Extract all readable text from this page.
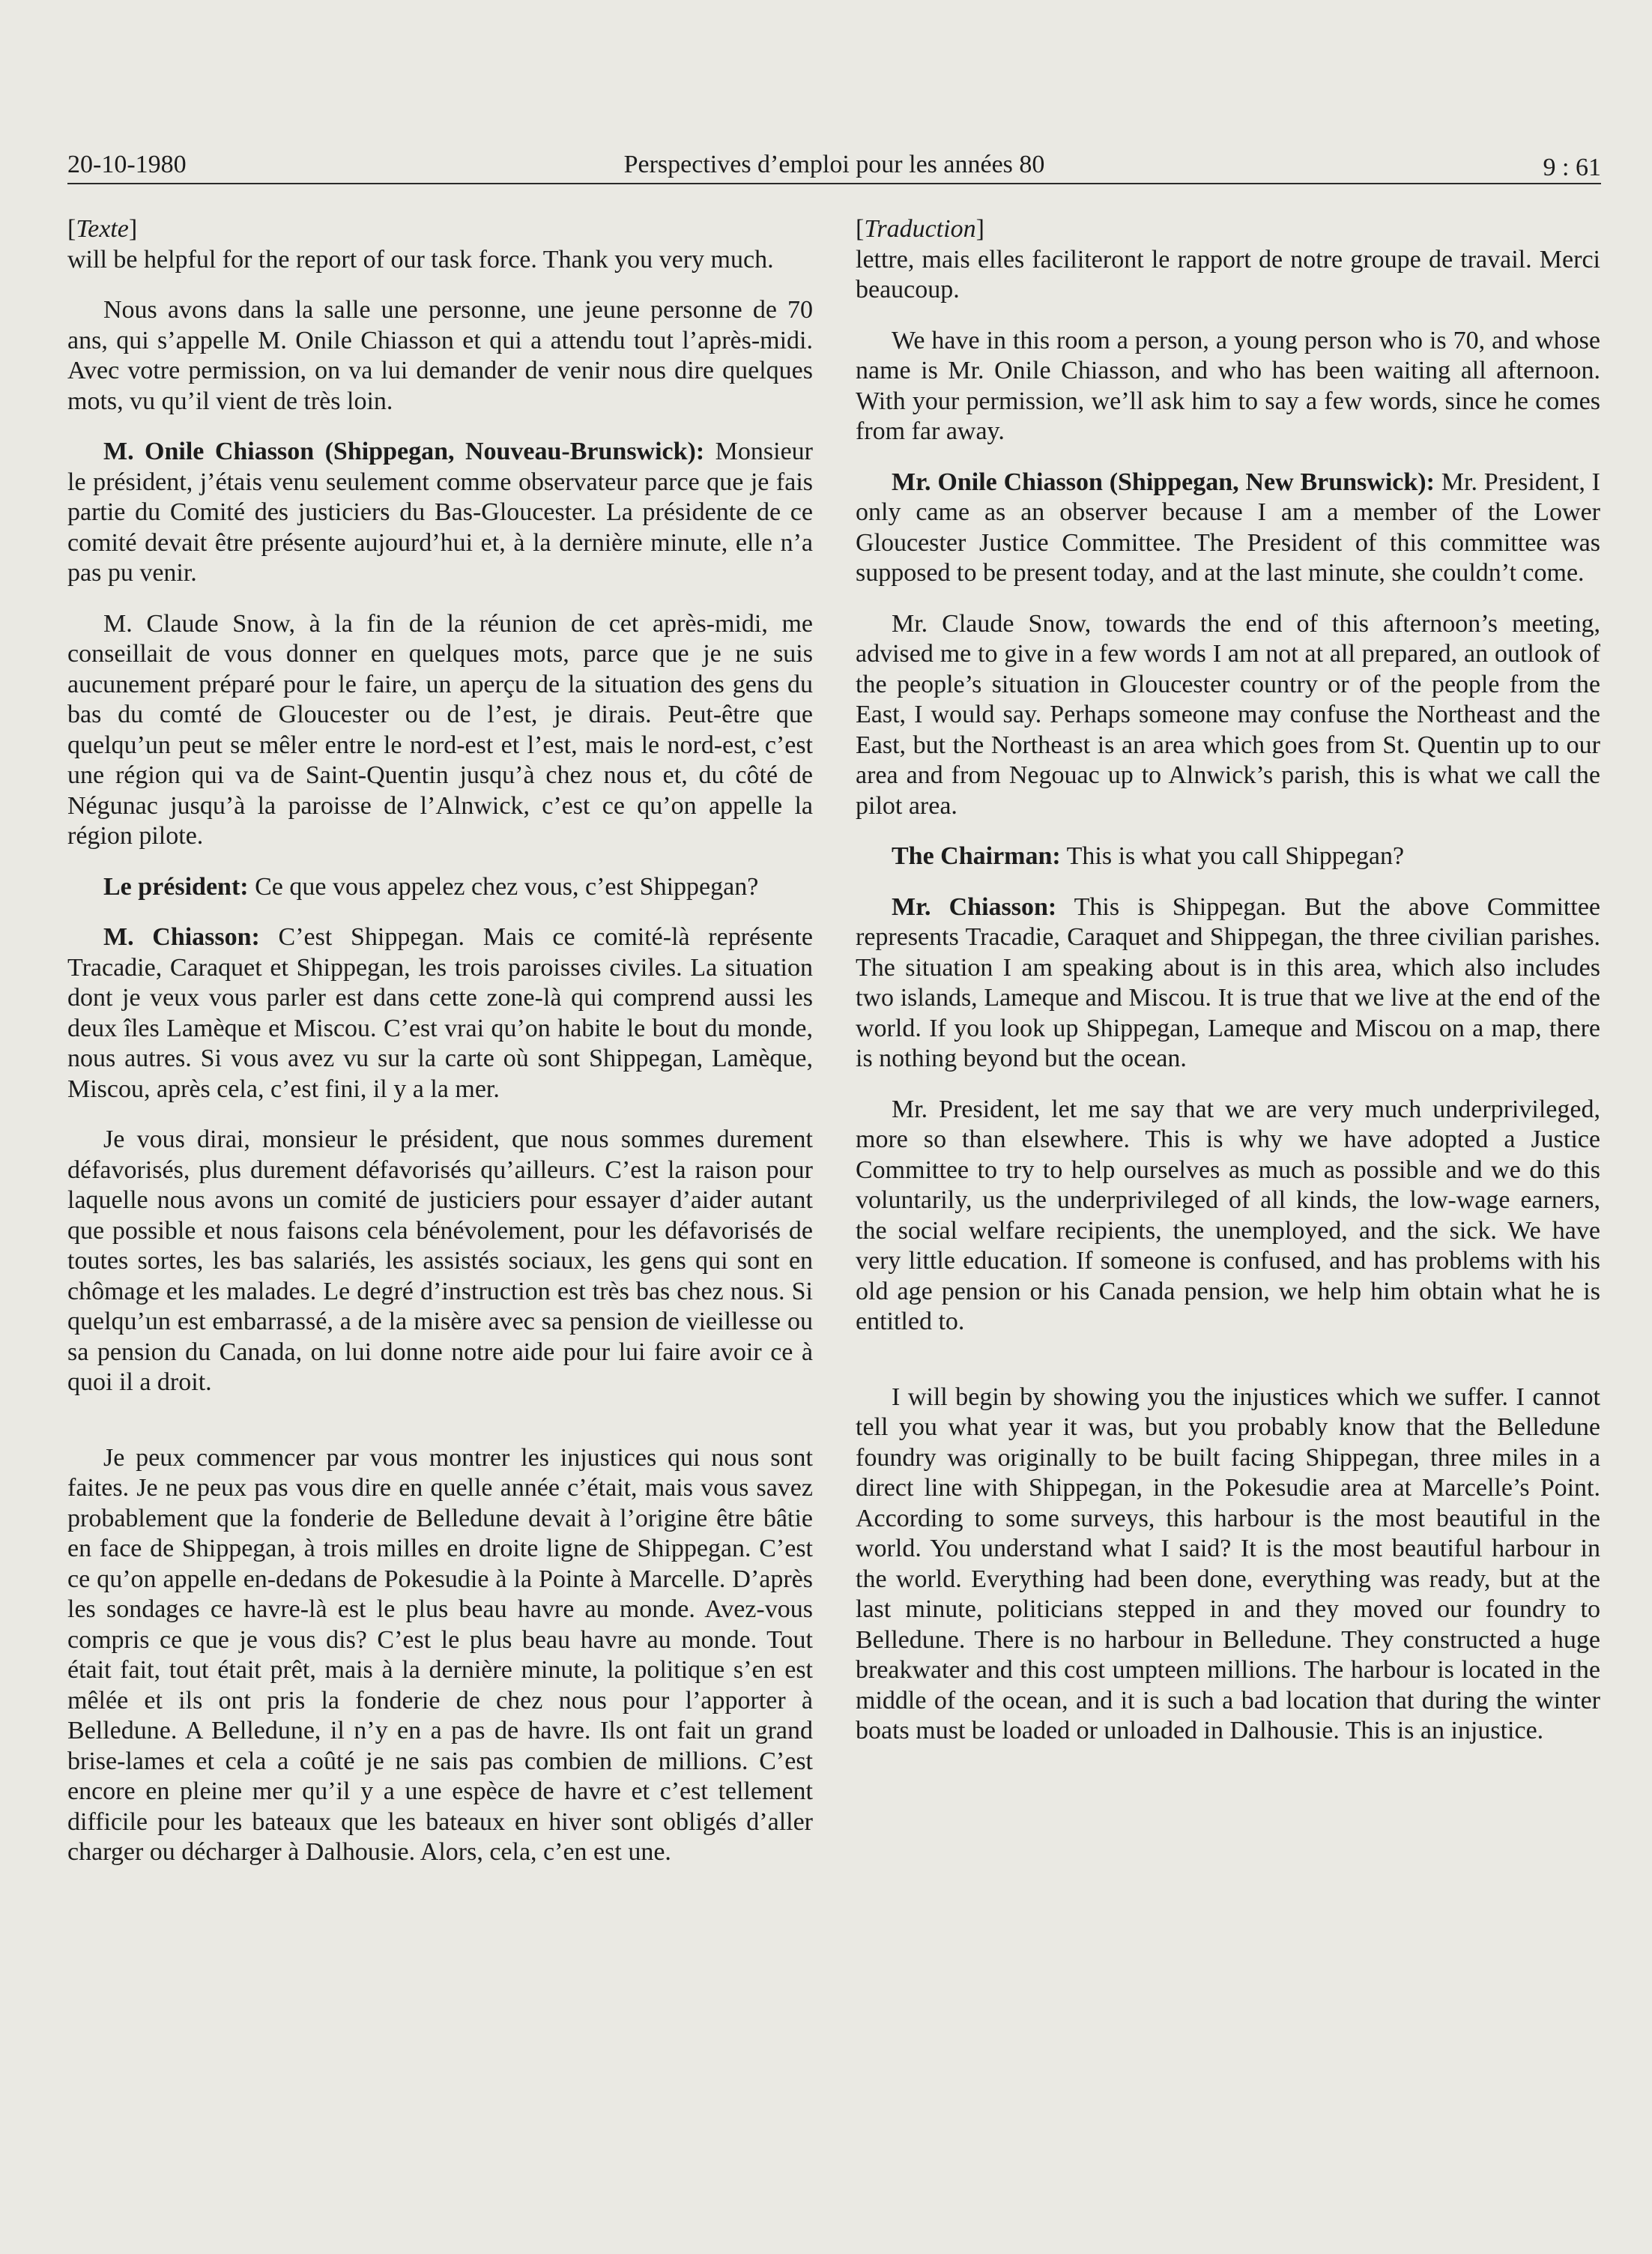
20-10-1980	Perspectives d’emploi pour les années 80	9 : 61

[Texte]

will be helpful for the report of our task force. Thank you very much.

Nous avons dans la salle une personne, une jeune personne de 70 ans, qui s’appelle M. Onile Chiasson et qui a attendu tout l’après-midi. Avec votre permission, on va lui demander de venir nous dire quelques mots, vu qu’il vient de très loin.

M. Onile Chiasson (Shippegan, Nouveau-Brunswick): Monsieur le président, j’étais venu seulement comme observateur parce que je fais partie du Comité des justiciers du Bas-Gloucester. La présidente de ce comité devait être présente aujourd’hui et, à la dernière minute, elle n’a pas pu venir.

M. Claude Snow, à la fin de la réunion de cet après-midi, me conseillait de vous donner en quelques mots, parce que je ne suis aucunement préparé pour le faire, un aperçu de la situation des gens du bas du comté de Gloucester ou de l’est, je dirais. Peut-être que quelqu’un peut se mêler entre le nord-est et l’est, mais le nord-est, c’est une région qui va de Saint-Quentin jusqu’à chez nous et, du côté de Négunac jusqu’à la paroisse de l’Alnwick, c’est ce qu’on appelle la région pilote.

Le président: Ce que vous appelez chez vous, c’est Shippegan?

M. Chiasson: C’est Shippegan. Mais ce comité-là représente Tracadie, Caraquet et Shippegan, les trois paroisses civiles. La situation dont je veux vous parler est dans cette zone-là qui comprend aussi les deux îles Lamèque et Miscou. C’est vrai qu’on habite le bout du monde, nous autres. Si vous avez vu sur la carte où sont Shippegan, Lamèque, Miscou, après cela, c’est fini, il y a la mer.

Je vous dirai, monsieur le président, que nous sommes durement défavorisés, plus durement défavorisés qu’ailleurs. C’est la raison pour laquelle nous avons un comité de justiciers pour essayer d’aider autant que possible et nous faisons cela bénévolement, pour les défavorisés de toutes sortes, les bas salariés, les assistés sociaux, les gens qui sont en chômage et les malades. Le degré d’instruction est très bas chez nous. Si quelqu’un est embarrassé, a de la misère avec sa pension de vieillesse ou sa pension du Canada, on lui donne notre aide pour lui faire avoir ce à quoi il a droit.

Je peux commencer par vous montrer les injustices qui nous sont faites. Je ne peux pas vous dire en quelle année c’était, mais vous savez probablement que la fonderie de Belledune devait à l’origine être bâtie en face de Shippegan, à trois milles en droite ligne de Shippegan. C’est ce qu’on appelle en-dedans de Pokesudie à la Pointe à Marcelle. D’après les sondages ce havre-là est le plus beau havre au monde. Avez-vous compris ce que je vous dis? C’est le plus beau havre au monde. Tout était fait, tout était prêt, mais à la dernière minute, la politique s’en est mêlée et ils ont pris la fonderie de chez nous pour l’apporter à Belledune. A Belledune, il n’y en a pas de havre. Ils ont fait un grand brise-lames et cela a coûté je ne sais pas combien de millions. C’est encore en pleine mer qu’il y a une espèce de havre et c’est tellement difficile pour les bateaux que les bateaux en hiver sont obligés d’aller charger ou décharger à Dalhousie. Alors, cela, c’en est une.

[Traduction]

lettre, mais elles faciliteront le rapport de notre groupe de travail. Merci beaucoup.

We have in this room a person, a young person who is 70, and whose name is Mr. Onile Chiasson, and who has been waiting all afternoon. With your permission, we’ll ask him to say a few words, since he comes from far away.

Mr. Onile Chiasson (Shippegan, New Brunswick): Mr. President, I only came as an observer because I am a member of the Lower Gloucester Justice Committee. The President of this committee was supposed to be present today, and at the last minute, she couldn’t come.

Mr. Claude Snow, towards the end of this afternoon’s meeting, advised me to give in a few words I am not at all prepared, an outlook of the people’s situation in Gloucester country or of the people from the East, I would say. Perhaps someone may confuse the Northeast and the East, but the Northeast is an area which goes from St. Quentin up to our area and from Negouac up to Alnwick’s parish, this is what we call the pilot area.

The Chairman: This is what you call Shippegan?

Mr. Chiasson: This is Shippegan. But the above Committee represents Tracadie, Caraquet and Shippegan, the three civilian parishes. The situation I am speaking about is in this area, which also includes two islands, Lameque and Miscou. It is true that we live at the end of the world. If you look up Shippegan, Lameque and Miscou on a map, there is nothing beyond but the ocean.

Mr. President, let me say that we are very much underprivileged, more so than elsewhere. This is why we have adopted a Justice Committee to try to help ourselves as much as possible and we do this voluntarily, us the underprivileged of all kinds, the low-wage earners, the social welfare recipients, the unemployed, and the sick. We have very little education. If someone is confused, and has problems with his old age pension or his Canada pension, we help him obtain what he is entitled to.

I will begin by showing you the injustices which we suffer. I cannot tell you what year it was, but you probably know that the Belledune foundry was originally to be built facing Shippegan, three miles in a direct line with Shippegan, in the Pokesudie area at Marcelle’s Point. According to some surveys, this harbour is the most beautiful in the world. You understand what I said? It is the most beautiful harbour in the world. Everything had been done, everything was ready, but at the last minute, politicians stepped in and they moved our foundry to Belledune. There is no harbour in Belledune. They constructed a huge breakwater and this cost umpteen millions. The harbour is located in the middle of the ocean, and it is such a bad location that during the winter boats must be loaded or unloaded in Dalhousie. This is an injustice.
